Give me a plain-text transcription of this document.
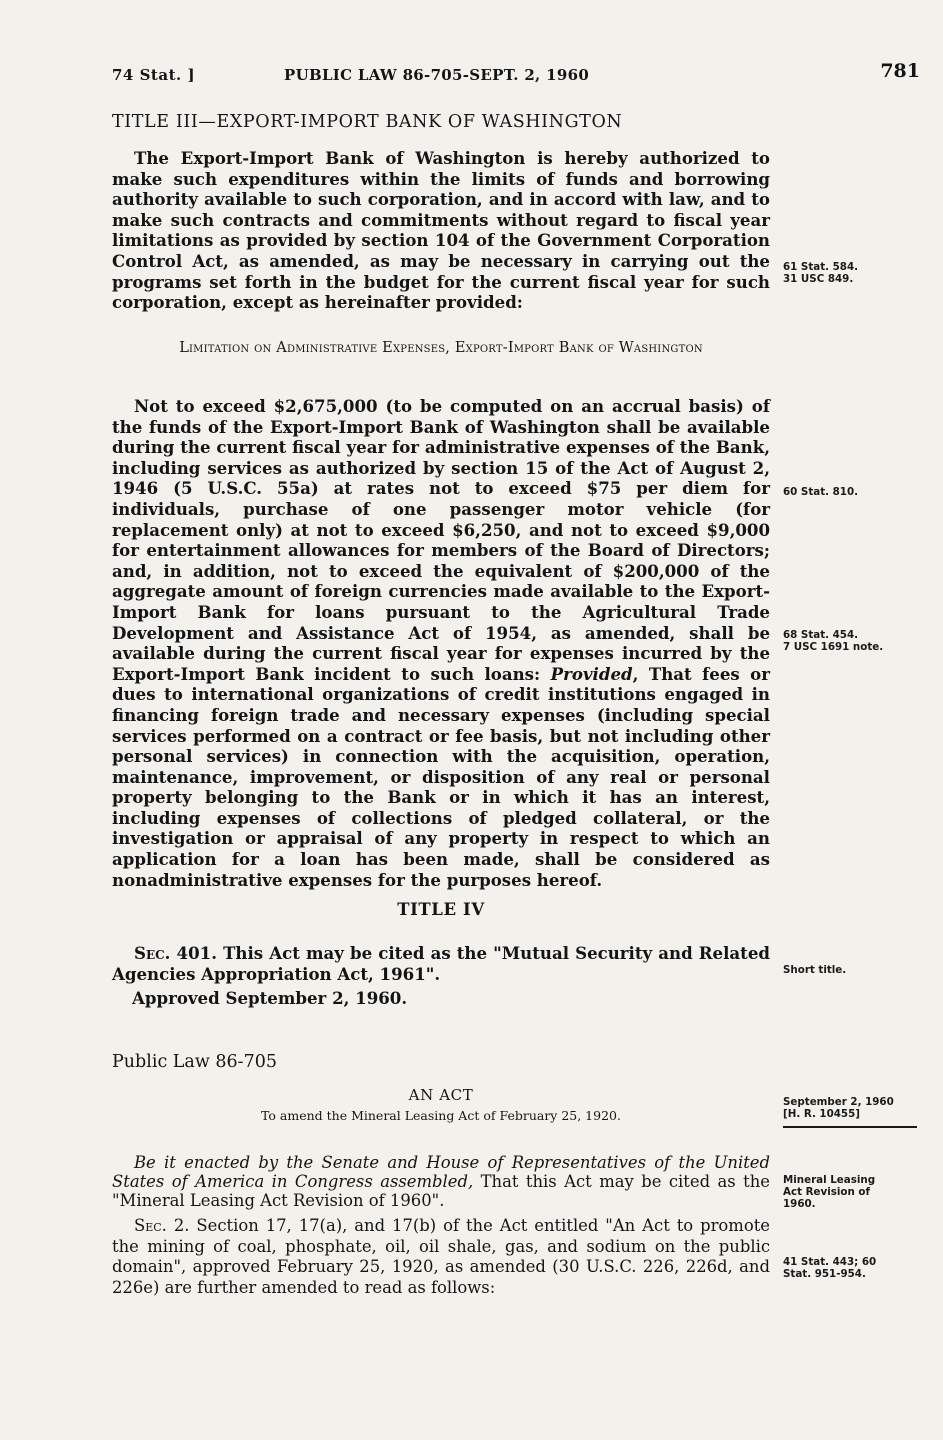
74 Stat. ]	PUBLIC LAW 86-705-SEPT. 2, 1960	781
TITLE III—EXPORT-IMPORT BANK OF WASHINGTON

The Export-Import Bank of Washington is hereby authorized to make such expenditures within the limits of funds and borrowing authority available to such corporation, and in accord with law, and to make such contracts and commitments without regard to fiscal year limitations as provided by section 104 of the Government Corporation Control Act, as amended, as may be necessary in carrying out the programs set forth in the budget for the current fiscal year for such corporation, except as hereinafter provided:

Limitation on Administrative Expenses, Export-Import Bank of Washington

Not to exceed $2,675,000 (to be computed on an accrual basis) of the funds of the Export-Import Bank of Washington shall be available during the current fiscal year for administrative expenses of the Bank, including services as authorized by section 15 of the Act of August 2, 1946 (5 U.S.C. 55a) at rates not to exceed $75 per diem for individuals, purchase of one passenger motor vehicle (for replacement only) at not to exceed $6,250, and not to exceed $9,000 for entertainment allowances for members of the Board of Directors; and, in addition, not to exceed the equivalent of $200,000 of the aggregate amount of foreign currencies made available to the Export-Import Bank for loans pursuant to the Agricultural Trade Development and Assistance Act of 1954, as amended, shall be available during the current fiscal year for expenses incurred by the Export-Import Bank incident to such loans: Provided, That fees or dues to international organizations of credit institutions engaged in financing foreign trade and necessary expenses (including special services performed on a contract or fee basis, but not including other personal services) in connection with the acquisition, operation, maintenance, improvement, or disposition of any real or personal property belonging to the Bank or in which it has an interest, including expenses of collections of pledged collateral, or the investigation or appraisal of any property in respect to which an application for a loan has been made, shall be considered as nonadministrative expenses for the purposes hereof.

TITLE IV

Sec. 401. This Act may be cited as the "Mutual Security and Related Agencies Appropriation Act, 1961".

Approved September 2, 1960.
Public Law 86-705
AN ACT
To amend the Mineral Leasing Act of February 25, 1920.

Be it enacted by the Senate and House of Representatives of the United States of America in Congress assembled, That this Act may be cited as the "Mineral Leasing Act Revision of 1960".

Sec. 2. Section 17, 17(a), and 17(b) of the Act entitled "An Act to promote the mining of coal, phosphate, oil, oil shale, gas, and sodium on the public domain", approved February 25, 1920, as amended (30 U.S.C. 226, 226d, and 226e) are further amended to read as follows:

61 Stat. 584.
31 USC 849.
60 Stat. 810.
68 Stat. 454.
7 USC 1691 note.
Short title.
September 2, 1960
[H. R. 10455]
Mineral Leasing
Act Revision of
1960.
41 Stat. 443; 60
Stat. 951-954.
